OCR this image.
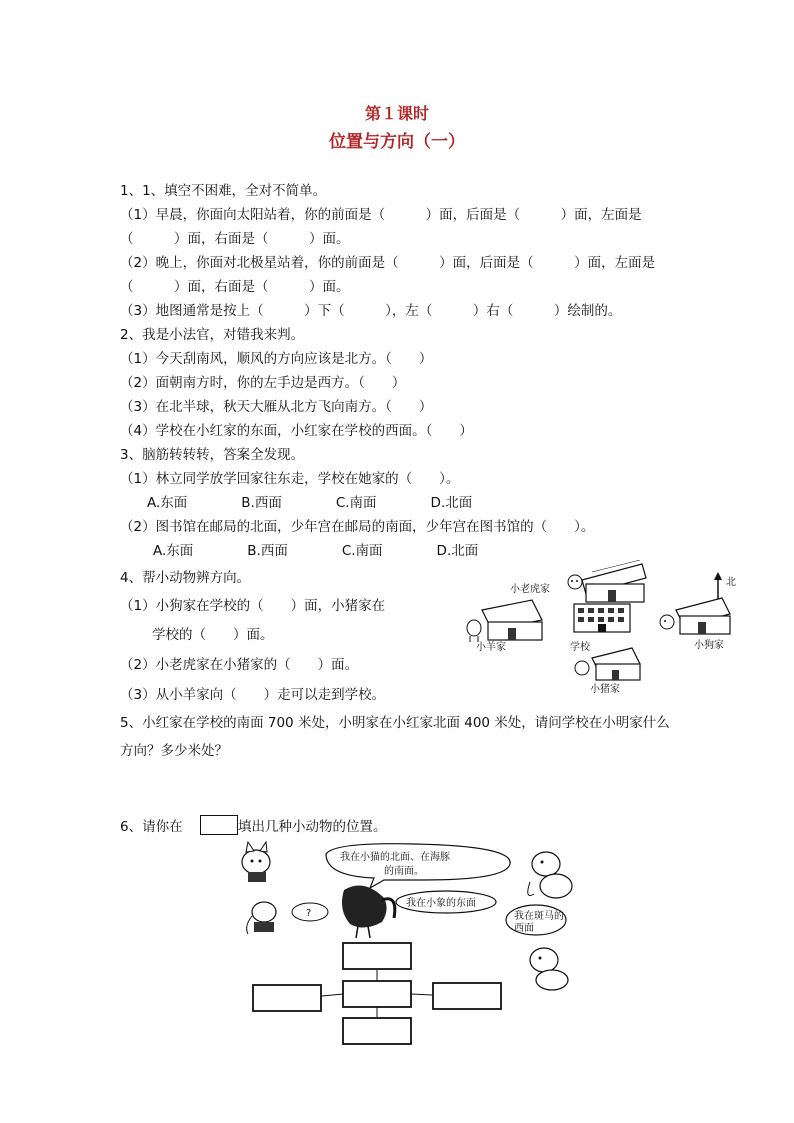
第１课时
位置与方向（一）
1、1、填空不困难，全对不简单。
（1）早晨，你面向太阳站着，你的前面是（　　　）面，后面是（　　　）面，左面是
（　　　）面，右面是（　　　）面。
（2）晚上，你面对北极星站着，你的前面是（　　　）面，后面是（　　　）面，左面是
（　　　）面，右面是（　　　）面。
（3）地图通常是按上（　　　）下（　　　），左（　　　）右（　　　）绘制的。
2、我是小法官，对错我来判。
（1）今天刮南风，顺风的方向应该是北方。（　　）
（2）面朝南方时，你的左手边是西方。（　　）
（3）在北半球，秋天大雁从北方飞向南方。（　　）
（4）学校在小红家的东面，小红家在学校的西面。（　　）
3、脑筋转转转，答案全发现。
（1）林立同学放学回家往东走，学校在她家的（　　）。
A.东面　　　　B.西面　　　　C.南面　　　　D.北面
（2）图书馆在邮局的北面，少年宫在邮局的南面，少年宫在图书馆的（　　）。
A.东面　　　　B.西面　　　　C.南面　　　　D.北面
4、帮小动物辨方向。
（1）小狗家在学校的（　　）面，小猪家在
学校的（　　）面。
（2）小老虎家在小猪家的（　　）面。
（3）从小羊家向（　　）走可以走到学校。
北
小老虎家
小羊家	学校	小狗家
小猪家
5、小红家在学校的南面 700 米处，小明家在小红家北面 400 米处，请问学校在小明家什么
方向？多少米处？
6、请你在	填出几种小动物的位置。
?
我在小猫的北面、在海豚
的南面。
我在小象的东面
我在斑马的
西面
